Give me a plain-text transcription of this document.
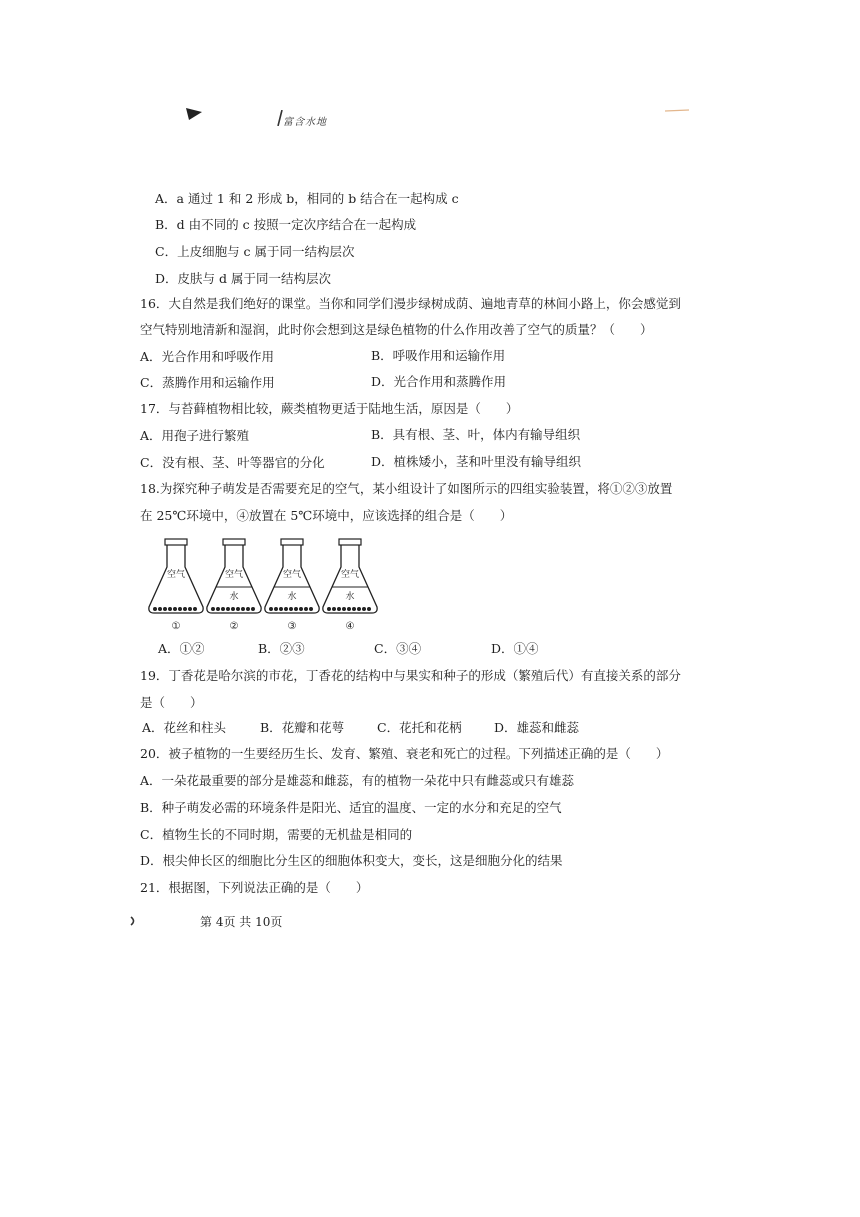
富含水地
A．a 通过 1 和 2 形成 b，相同的 b 结合在一起构成 c
B．d 由不同的 c 按照一定次序结合在一起构成
C．上皮细胞与 c 属于同一结构层次
D．皮肤与 d 属于同一结构层次
16．大自然是我们绝好的课堂。当你和同学们漫步绿树成荫、遍地青草的林间小路上，你会感觉到
空气特别地清新和湿润，此时你会想到这是绿色植物的什么作用改善了空气的质量？（　　）
A．光合作用和呼吸作用	B．呼吸作用和运输作用
C．蒸腾作用和运输作用	D．光合作用和蒸腾作用
17．与苔藓植物相比较，蕨类植物更适于陆地生活，原因是（　　）
A．用孢子进行繁殖	B．具有根、茎、叶，体内有输导组织
C．没有根、茎、叶等器官的分化	D．植株矮小，茎和叶里没有输导组织
18.为探究种子萌发是否需要充足的空气，某小组设计了如图所示的四组实验装置，将①②③放置
在 25℃环境中，④放置在 5℃环境中，应该选择的组合是（　　）
空气
①
空气
水
②
空气
水
③
空气
水
④
A．①②	B．②③	C．③④	D．①④
19．丁香花是哈尔滨的市花，丁香花的结构中与果实和种子的形成（繁殖后代）有直接关系的部分
是（　　）
A．花丝和柱头	B．花瓣和花萼	C．花托和花柄	D．雄蕊和雌蕊
20．被子植物的一生要经历生长、发育、繁殖、衰老和死亡的过程。下列描述正确的是（　　）
A．一朵花最重要的部分是雄蕊和雌蕊，有的植物一朵花中只有雌蕊或只有雄蕊
B．种子萌发必需的环境条件是阳光、适宜的温度、一定的水分和充足的空气
C．植物生长的不同时期，需要的无机盐是相同的
D．根尖伸长区的细胞比分生区的细胞体积变大，变长，这是细胞分化的结果
21．根据图，下列说法正确的是（　　）
第 4页 共 10页
